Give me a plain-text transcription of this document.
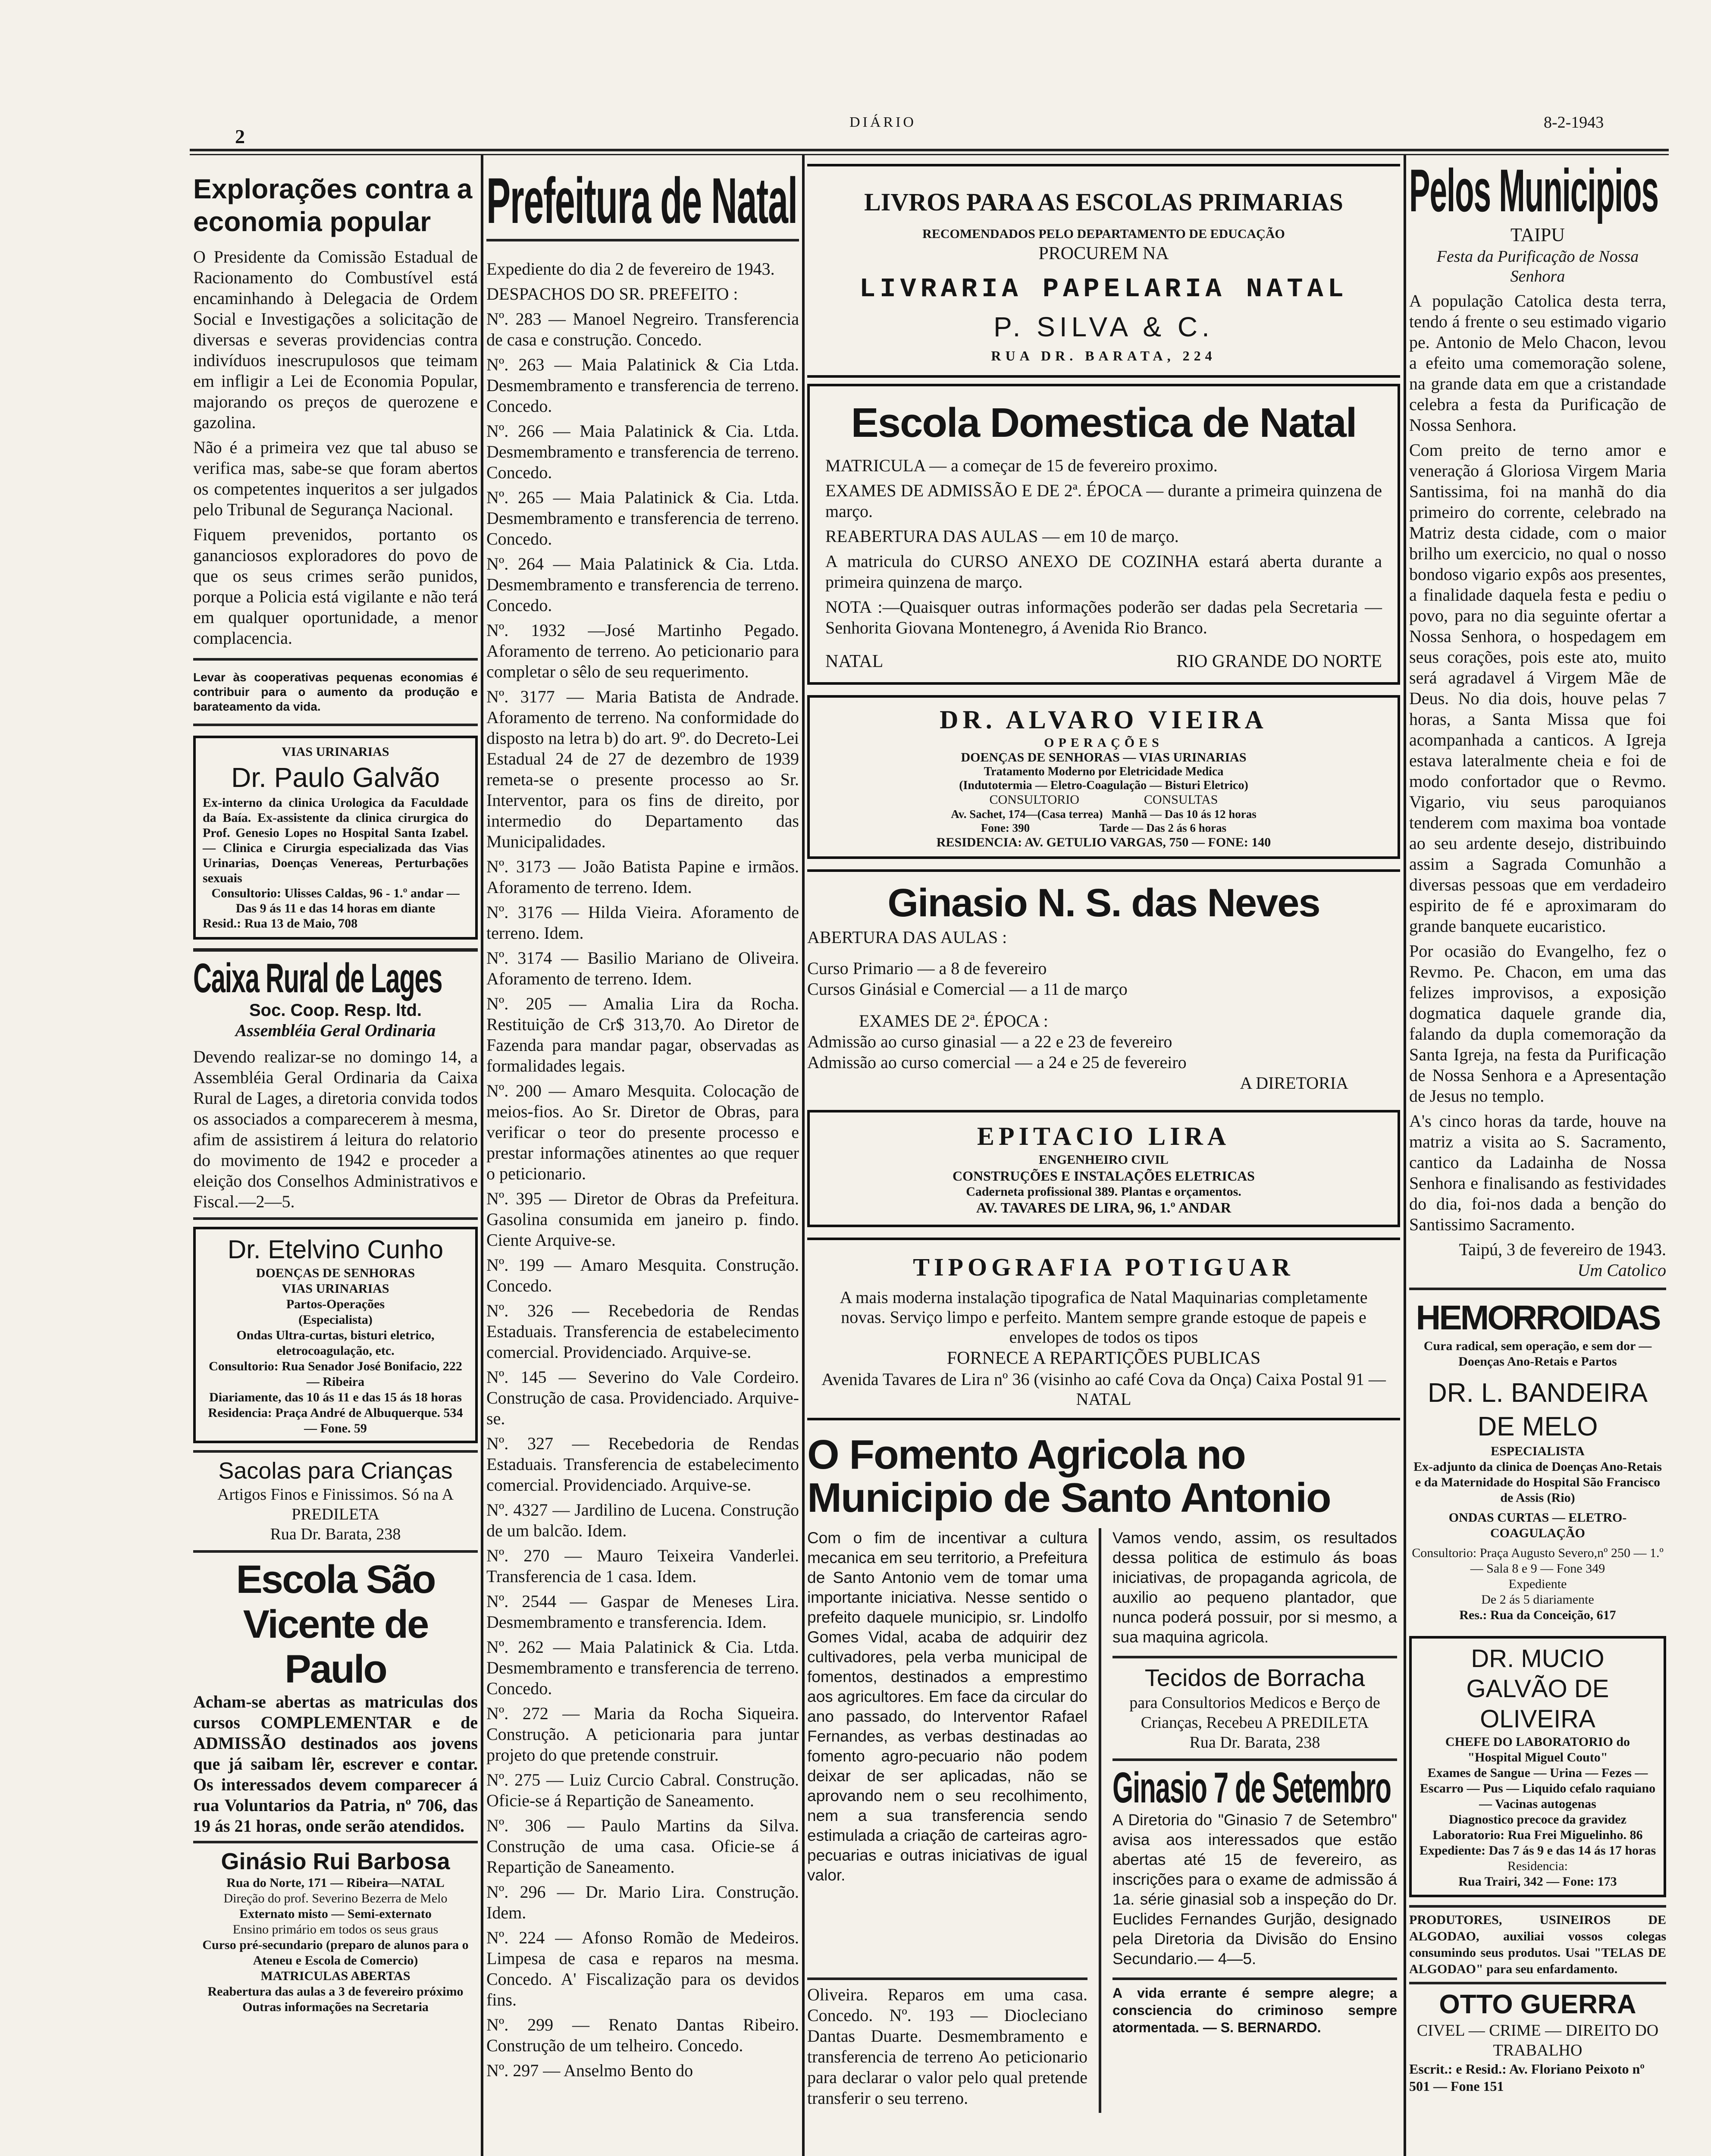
2
DIÁRIO	8-2-1943
Explorações contra a economia popular

O Presidente da Comissão Estadual de Racionamento do Combustível está encaminhando à Delegacia de Ordem Social e Investigações a solicitação de diversas e severas providencias contra indivíduos inescrupulosos que teimam em infligir a Lei de Economia Popular, majorando os preços de querozene e gazolina.

Não é a primeira vez que tal abuso se verifica mas, sabe-se que foram abertos os competentes inqueritos a ser julgados pelo Tribunal de Segurança Nacional.

Fiquem prevenidos, portanto os gananciosos exploradores do povo de que os seus crimes serão punidos, porque a Policia está vigilante e não terá em qualquer oportunidade, a menor complacencia.

Levar às cooperativas pequenas economias é contribuir para o aumento da produção e barateamento da vida.
VIAS URINARIAS
Dr. Paulo Galvão
Ex-interno da clinica Urologica da Faculdade da Baía. Ex-assistente da clinica cirurgica do Prof. Genesio Lopes no Hospital Santa Izabel. — Clinica e Cirurgia especializada das Vias Urinarias, Doenças Venereas, Perturbações sexuais
Consultorio: Ulisses Caldas, 96 - 1.º andar — Das 9 ás 11 e das 14 horas em diante
Resid.: Rua 13 de Maio, 708
Caixa Rural de Lages
Soc. Coop. Resp. ltd.
Assembléia Geral Ordinaria

Devendo realizar-se no domingo 14, a Assembléia Geral Ordinaria da Caixa Rural de Lages, a diretoria convida todos os associados a comparecerem à mesma, afim de assistirem á leitura do relatorio do movimento de 1942 e proceder a eleição dos Conselhos Administrativos e Fiscal.—2—5.

Dr. Etelvino Cunho
DOENÇAS DE SENHORAS
VIAS URINARIAS
Partos-Operações
(Especialista)
Ondas Ultra-curtas, bisturi eletrico, eletrocoagulação, etc.
Consultorio: Rua Senador José Bonifacio, 222 — Ribeira
Diariamente, das 10 ás 11 e das 15 ás 18 horas
Residencia: Praça André de Albuquerque. 534 — Fone. 59
Sacolas para Crianças
Artigos Finos e Finissimos. Só na A PREDILETA
Rua Dr. Barata, 238
Escola São Vicente de Paulo

Acham-se abertas as matriculas dos cursos COMPLEMENTAR e de ADMISSÃO destinados aos jovens que já saibam lêr, escrever e contar. Os interessados devem comparecer á rua Voluntarios da Patria, nº 706, das 19 ás 21 horas, onde serão atendidos.

Ginásio Rui Barbosa
Rua do Norte, 171 — Ribeira—NATAL
Direção do prof. Severino Bezerra de Melo
Externato misto — Semi-externato
Ensino primário em todos os seus graus
Curso pré-secundario (preparo de alunos para o Ateneu e Escola de Comercio)
MATRICULAS ABERTAS
Reabertura das aulas a 3 de fevereiro próximo
Outras informações na Secretaria
Prefeitura de Natal

Expediente do dia 2 de fevereiro de 1943.

DESPACHOS DO SR. PREFEITO :

Nº. 283 — Manoel Negreiro. Transferencia de casa e construção. Concedo.

Nº. 263 — Maia Palatinick & Cia Ltda. Desmembramento e transferencia de terreno. Concedo.

Nº. 266 — Maia Palatinick & Cia. Ltda. Desmembramento e transferencia de terreno. Concedo.

Nº. 265 — Maia Palatinick & Cia. Ltda. Desmembramento e transferencia de terreno. Concedo.

Nº. 264 — Maia Palatinick & Cia. Ltda. Desmembramento e transferencia de terreno. Concedo.

Nº. 1932 —José Martinho Pegado. Aforamento de terreno. Ao peticionario para completar o sêlo de seu requerimento.

Nº. 3177 — Maria Batista de Andrade. Aforamento de terreno. Na conformidade do disposto na letra b) do art. 9º. do Decreto-Lei Estadual 24 de 27 de dezembro de 1939 remeta-se o presente processo ao Sr. Interventor, para os fins de direito, por intermedio do Departamento das Municipalidades.

Nº. 3173 — João Batista Papine e irmãos. Aforamento de terreno. Idem.

Nº. 3176 — Hilda Vieira. Aforamento de terreno. Idem.

Nº. 3174 — Basilio Mariano de Oliveira. Aforamento de terreno. Idem.

Nº. 205 — Amalia Lira da Rocha. Restituição de Cr$ 313,70. Ao Diretor de Fazenda para mandar pagar, observadas as formalidades legais.

Nº. 200 — Amaro Mesquita. Colocação de meios-fios. Ao Sr. Diretor de Obras, para verificar o teor do presente processo e prestar informações atinentes ao que requer o peticionario.

Nº. 395 — Diretor de Obras da Prefeitura. Gasolina consumida em janeiro p. findo. Ciente Arquive-se.

Nº. 199 — Amaro Mesquita. Construção. Concedo.

Nº. 326 — Recebedoria de Rendas Estaduais. Transferencia de estabelecimento comercial. Providenciado. Arquive-se.

Nº. 145 — Severino do Vale Cordeiro. Construção de casa. Providenciado. Arquive-se.

Nº. 327 — Recebedoria de Rendas Estaduais. Transferencia de estabelecimento comercial. Providenciado. Arquive-se.

Nº. 4327 — Jardilino de Lucena. Construção de um balcão. Idem.

Nº. 270 — Mauro Teixeira Vanderlei. Transferencia de 1 casa. Idem.

Nº. 2544 — Gaspar de Meneses Lira. Desmembramento e transferencia. Idem.

Nº. 262 — Maia Palatinick & Cia. Ltda. Desmembramento e transferencia de terreno. Concedo.

Nº. 272 — Maria da Rocha Siqueira. Construção. A peticionaria para juntar projeto do que pretende construir.

Nº. 275 — Luiz Curcio Cabral. Construção. Oficie-se á Repartição de Saneamento.

Nº. 306 — Paulo Martins da Silva. Construção de uma casa. Oficie-se á Repartição de Saneamento.

Nº. 296 — Dr. Mario Lira. Construção. Idem.

Nº. 224 — Afonso Romão de Medeiros. Limpesa de casa e reparos na mesma. Concedo. A' Fiscalização para os devidos fins.

Nº. 299 — Renato Dantas Ribeiro. Construção de um telheiro. Concedo.

Nº. 297 — Anselmo Bento do

LIVROS PARA AS ESCOLAS PRIMARIAS
RECOMENDADOS PELO DEPARTAMENTO DE EDUCAÇÃO
PROCUREM NA
LIVRARIA PAPELARIA NATAL
P. SILVA & C.
RUA DR. BARATA, 224
Escola Domestica de Natal

MATRICULA — a começar de 15 de fevereiro proximo.

EXAMES DE ADMISSÃO E DE 2ª. ÉPOCA — durante a primeira quinzena de março.

REABERTURA DAS AULAS — em 10 de março.

A matricula do CURSO ANEXO DE COZINHA estará aberta durante a primeira quinzena de março.

NOTA :—Quaisquer outras informações poderão ser dadas pela Secretaria — Senhorita Giovana Montenegro, á Avenida Rio Branco.

NATAL	RIO GRANDE DO NORTE
DR. ALVARO VIEIRA
OPERAÇÕES
DOENÇAS DE SENHORAS — VIAS URINARIAS
Tratamento Moderno por Eletricidade Medica
(Indutotermia — Eletro-Coagulação — Bisturi Eletrico)
CONSULTORIO                    CONSULTAS
Av. Sachet, 174—(Casa terrea)   Manhã — Das 10 ás 12 horas
Fone: 390                        Tarde — Das 2 ás 6 horas
RESIDENCIA: AV. GETULIO VARGAS, 750 — FONE: 140
Ginasio N. S. das Neves
ABERTURA DAS AULAS :
Curso Primario — a 8 de fevereiro
Cursos Ginásial e Comercial — a 11 de março
EXAMES DE 2ª. ÉPOCA :
Admissão ao curso ginasial — a 22 e 23 de fevereiro
Admissão ao curso comercial — a 24 e 25 de fevereiro
A DIRETORIA
EPITACIO LIRA
ENGENHEIRO CIVIL
CONSTRUÇÕES E INSTALAÇÕES ELETRICAS
Caderneta profissional 389. Plantas e orçamentos.
AV. TAVARES DE LIRA, 96, 1.º ANDAR
TIPOGRAFIA POTIGUAR
A mais moderna instalação tipografica de Natal Maquinarias completamente novas. Serviço limpo e perfeito. Mantem sempre grande estoque de papeis e envelopes de todos os tipos
FORNECE A REPARTIÇÕES PUBLICAS
Avenida Tavares de Lira nº 36 (visinho ao café Cova da Onça) Caixa Postal 91 — NATAL
O Fomento Agricola no Municipio de Santo Antonio

Com o fim de incentivar a cultura mecanica em seu territorio, a Prefeitura de Santo Antonio vem de tomar uma importante iniciativa. Nesse sentido o prefeito daquele municipio, sr. Lindolfo Gomes Vidal, acaba de adquirir dez cultivadores, pela verba municipal de fomentos, destinados a emprestimo aos agricultores. Em face da circular do ano passado, do Interventor Rafael Fernandes, as verbas destinadas ao fomento agro-pecuario não podem deixar de ser aplicadas, não se aprovando nem o seu recolhimento, nem a sua transferencia sendo estimulada a criação de carteiras agro-pecuarias e outras iniciativas de igual valor.

Vamos vendo, assim, os resultados dessa politica de estimulo ás boas iniciativas, de propaganda agricola, de auxilio ao pequeno plantador, que nunca poderá possuir, por si mesmo, a sua maquina agricola.

Tecidos de Borracha
para Consultorios Medicos e Berço de Crianças, Recebeu A PREDILETA
Rua Dr. Barata, 238
Ginasio 7 de Setembro

A Diretoria do "Ginasio 7 de Setembro" avisa aos interessados que estão abertas até 15 de fevereiro, as inscrições para o exame de admissão á 1a. série ginasial sob a inspeção do Dr. Euclides Fernandes Gurjão, designado pela Diretoria da Divisão do Ensino Secundario.— 4—5.

Oliveira. Reparos em uma casa. Concedo. Nº. 193 — Diocleciano Dantas Duarte. Desmembramento e transferencia de terreno Ao peticionario para declarar o valor pelo qual pretende transferir o seu terreno.

A vida errante é sempre alegre; a consciencia do criminoso sempre atormentada. — S. BERNARDO.

Pelos Municipios
TAIPU
Festa da Purificação de Nossa Senhora

A população Catolica desta terra, tendo á frente o seu estimado vigario pe. Antonio de Melo Chacon, levou a efeito uma comemoração solene, na grande data em que a cristandade celebra a festa da Purificação de Nossa Senhora.

Com preito de terno amor e veneração á Gloriosa Virgem Maria Santissima, foi na manhã do dia primeiro do corrente, celebrado na Matriz desta cidade, com o maior brilho um exercicio, no qual o nosso bondoso vigario expôs aos presentes, a finalidade daquela festa e pediu o povo, para no dia seguinte ofertar a Nossa Senhora, o hospedagem em seus corações, pois este ato, muito será agradavel á Virgem Mãe de Deus. No dia dois, houve pelas 7 horas, a Santa Missa que foi acompanhada a canticos. A Igreja estava lateralmente cheia e foi de modo confortador que o Revmo. Vigario, viu seus paroquianos tenderem com maxima boa vontade ao seu ardente desejo, distribuindo assim a Sagrada Comunhão a diversas pessoas que em verdadeiro espirito de fé e aproximaram do grande banquete eucaristico.

Por ocasião do Evangelho, fez o Revmo. Pe. Chacon, em uma das felizes improvisos, a exposição dogmatica daquele grande dia, falando da dupla comemoração da Santa Igreja, na festa da Purificação de Nossa Senhora e a Apresentação de Jesus no templo.

A's cinco horas da tarde, houve na matriz a visita ao S. Sacramento, cantico da Ladainha de Nossa Senhora e finalisando as festividades do dia, foi-nos dada a benção do Santissimo Sacramento.

Taipú, 3 de fevereiro de 1943.
Um Catolico
HEMORROIDAS
Cura radical, sem operação, e sem dor — Doenças Ano-Retais e Partos
DR. L. BANDEIRA DE MELO
ESPECIALISTA
Ex-adjunto da clinica de Doenças Ano-Retais e da Maternidade do Hospital São Francisco de Assis (Rio)
ONDAS CURTAS — ELETRO-COAGULAÇÃO
Consultorio: Praça Augusto Severo,nº 250 — 1.º — Sala 8 e 9 — Fone 349
Expediente
De 2 ás 5 diariamente
Res.: Rua da Conceição, 617
DR. MUCIO GALVÃO DE OLIVEIRA
CHEFE DO LABORATORIO do "Hospital Miguel Couto"
Exames de Sangue — Urina — Fezes — Escarro — Pus — Liquido cefalo raquiano — Vacinas autogenas
Diagnostico precoce da gravidez
Laboratorio: Rua Frei Miguelinho. 86
Expediente: Das 7 ás 9 e das 14 ás 17 horas
Residencia:
Rua Trairi, 342 — Fone: 173

PRODUTORES, USINEIROS DE ALGODAO, auxiliai vossos colegas consumindo seus produtos. Usai "TELAS DE ALGODAO" para seu enfardamento.

OTTO GUERRA
CIVEL — CRIME — DIREITO DO TRABALHO
Escrit.: e Resid.: Av. Floriano Peixoto nº 501 — Fone 151
